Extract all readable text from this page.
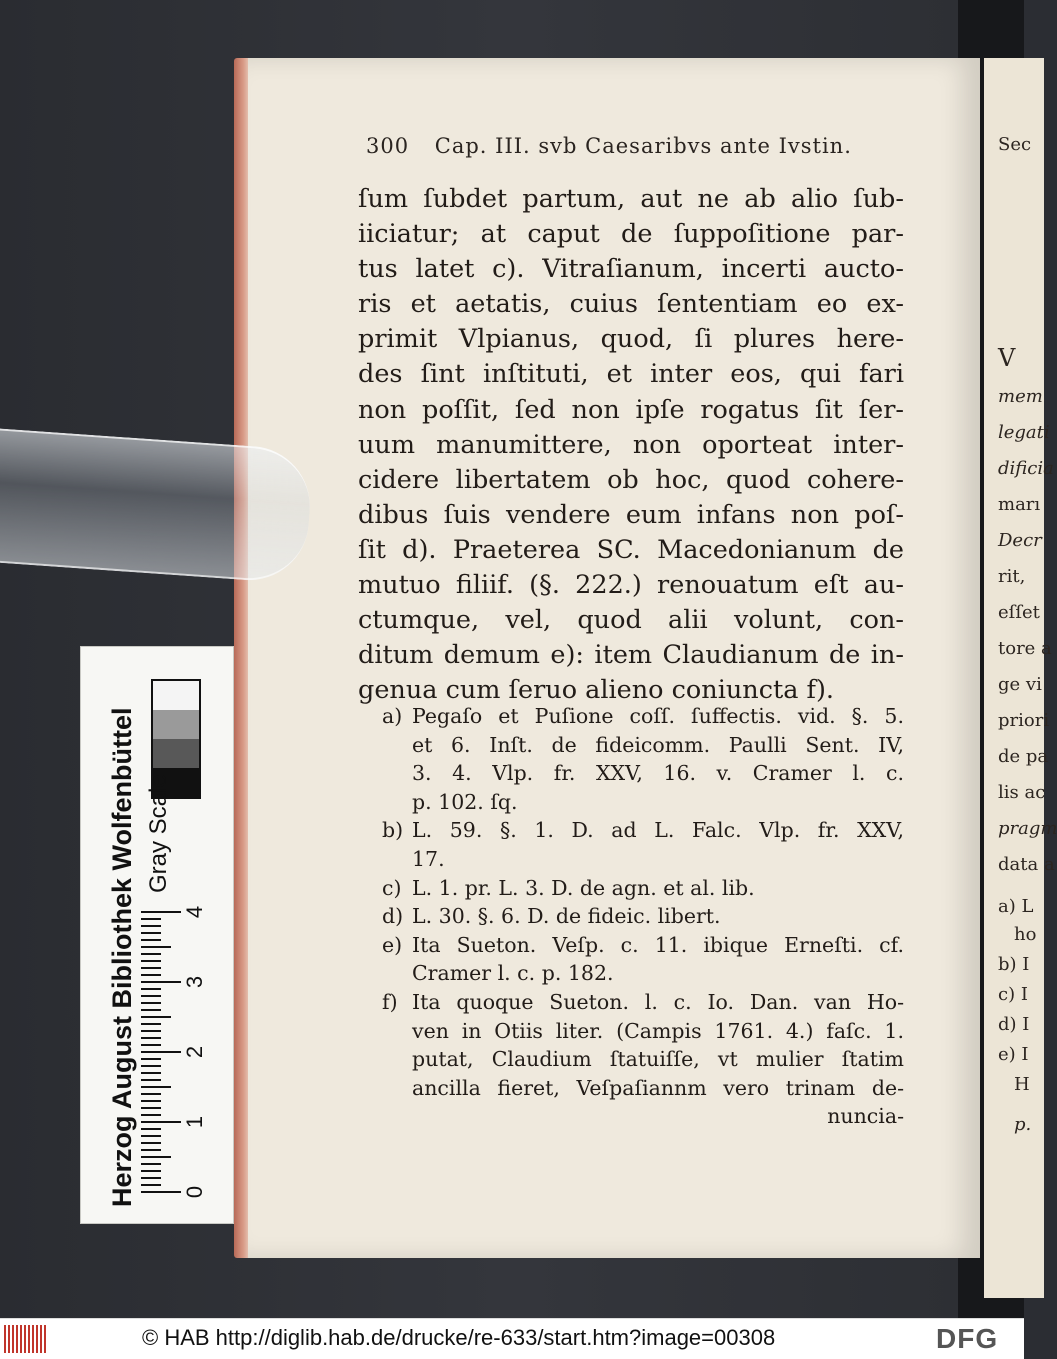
300 Cap. III. svb Caesaribvs ante Ivstin.
ſum ſubdet partum, aut ne ab alio ſub-
iiciatur; at caput de ſuppoſitione par-
tus latet c). Vitraſianum, incerti aucto-
ris et aetatis, cuius ſententiam eo ex-
primit Vlpianus, quod, ſi plures here-
des ſint inſtituti, et inter eos, qui fari
non poſſit, ſed non ipſe rogatus ſit ſer-
uum manumittere, non oporteat inter-
cidere libertatem ob hoc, quod cohere-
dibus ſuis vendere eum infans non poſ-
ſit d). Praeterea SC. Macedonianum de
mutuo filiif. (§. 222.) renouatum eſt au-
ctumque, vel, quod alii volunt, con-
ditum demum e): item Claudianum de in-
genua cum ſeruo alieno coniuncta f).
a) Pegaſo et Puſione coſſ. ſuffectis. vid. §. 5.
et 6. Inſt. de fideicomm. Paulli Sent. IV,
3. 4. Vlp. fr. XXV, 16. v. Cramer l. c.
p. 102. ſq.
b) L. 59. §. 1. D. ad L. Falc. Vlp. fr. XXV,
17.
c) L. 1. pr. L. 3. D. de agn. et al. lib.
d) L. 30. §. 6. D. de fideic. libert.
e) Ita Sueton. Veſp. c. 11. ibique Erneſti. cf.
Cramer l. c. p. 182.
f) Ita quoque Sueton. l. c. Io. Dan. van Ho-
ven in Otiis liter. (Campis 1761. 4.) faſc. 1.
putat, Claudium ſtatuiſſe, vt mulier ſtatim
ancilla fieret, Veſpaſiannm vero trinam de-
nuncia-
Sec
V
mem
legati
dificia
marı
Decr
rit,
eſſet
tore a
ge vi
priori
de pa
lis ac
pragm
data a
a) L
ho
b) I
c) I
d) I
e) I
H
p.
Herzog August Bibliothek Wolfenbüttel Gray Scale
0
1
2
3
4
© HAB http://diglib.hab.de/drucke/re-633/start.htm?image=00308	DFG
